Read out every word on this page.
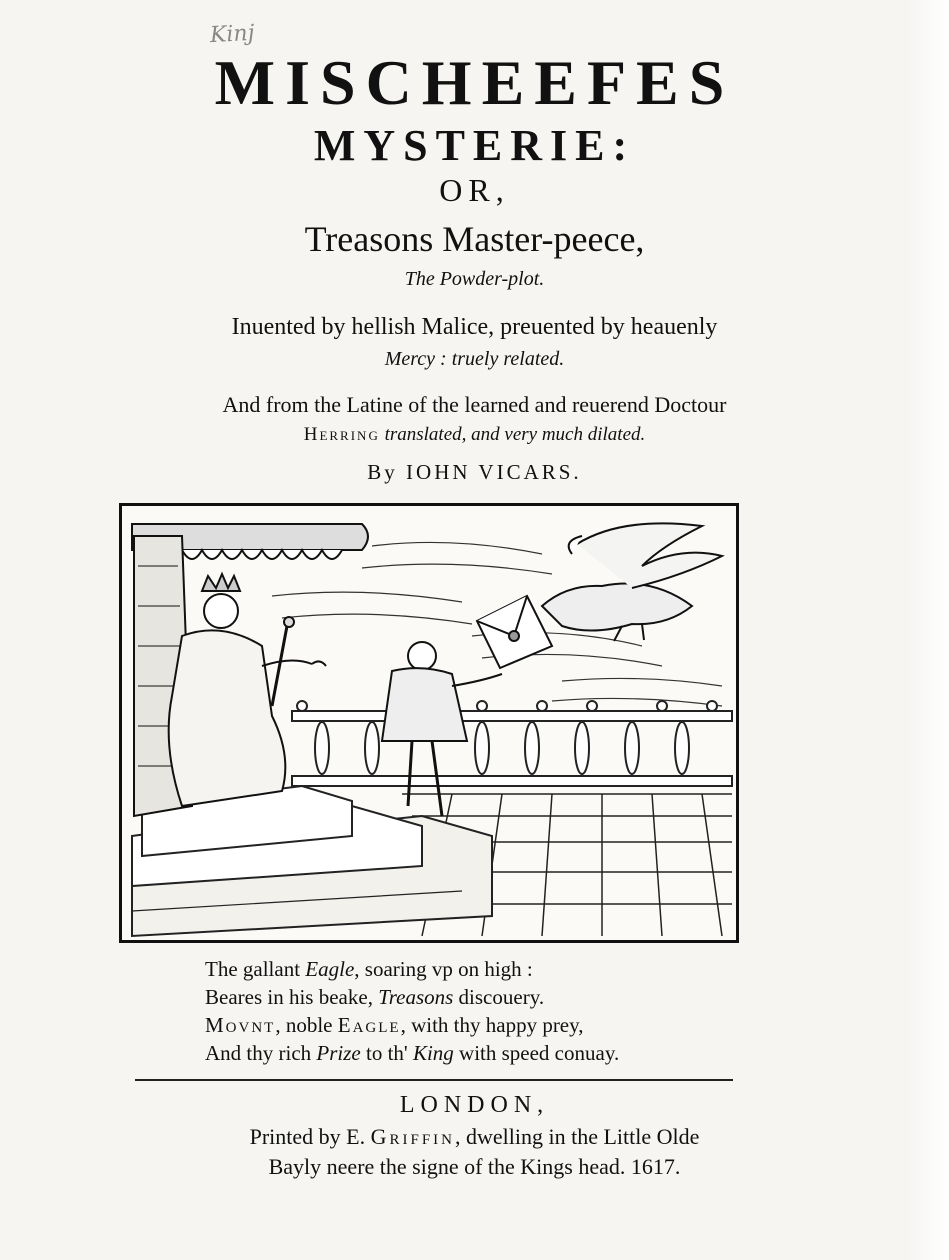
Kinj
MISCHEEFES
MYSTERIE:
OR,
Treasons Master-peece,
The Powder-plot.
Inuented by hellish Malice, preuented by heauenly
Mercy : truely related.
And from the Latine of the learned and reuerend Doctour
Herring translated, and very much dilated.
By IOHN VICARS.
The gallant Eagle, soaring vp on high :
Beares in his beake, Treasons discouery.
Movnt, noble Eagle, with thy happy prey,
And thy rich Prize to th' King with speed conuay.
LONDON,
Printed by E. Griffin, dwelling in the Little Olde
Bayly neere the signe of the Kings head. 1617.
